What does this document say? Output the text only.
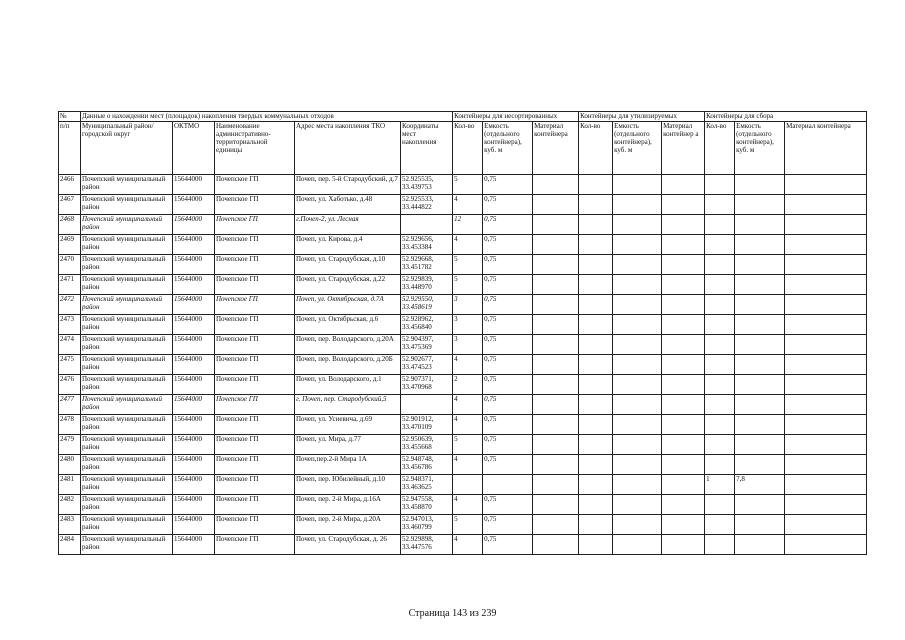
№	Данные о нахождении мест (площадок) накопления твердых коммунальных отходов					Контейнеры для несортированных			Контейнеры для утилизируемых			Контейнеры для сбора		
п/п	Муниципальный район/городской округ	ОКТМО	Наименование административно-территориальной единицы	Адрес места накопления ТКО	Координаты мест накопления	Кол-во	Емкость (отдельного контейнера), куб. м	Материал контейнера	Кол-во	Емкость (отдельного контейнера), куб. м	Материал контейнер а	Кол-во	Емкость (отдельного контейнера), куб. м	Материал контейнера
2466	Почепский муниципальный район	15644000	Почепское ГП	Почеп, пер. 5-й Стародубский, д.7	52.925535, 33.439753	5	0,75							
2467	Почепский муниципальный район	15644000	Почепское ГП	Почеп, ул. Хаботько, д.48	52.925533, 33.444822	4	0,75							
2468	Почепский муниципальный район	15644000	Почепское ГП	г.Почеп-2, ул. Лесная		12	0,75							
2469	Почепский муниципальный район	15644000	Почепское ГП	Почеп, ул. Кирова, д.4	52.929656, 33.453384	4	0,75							
2470	Почепский муниципальный район	15644000	Почепское ГП	Почеп, ул. Стародубская, д.10	52.929668, 33.451782	5	0,75							
2471	Почепский муниципальный район	15644000	Почепское ГП	Почеп, ул. Стародубская, д.22	52.929839, 33.448970	5	0,75							
2472	Почепский муниципальный район	15644000	Почепское ГП	Почеп, ул. Октябрьская, д.7А	52.929550, 33.458619	3	0,75							
2473	Почепский муниципальный район	15644000	Почепское ГП	Почеп, ул. Октябрьская, д.6	52.928962, 33.456840	3	0,75							
2474	Почепский муниципальный район	15644000	Почепское ГП	Почеп, пер. Володарского, д.20А	52.904397, 33.475369	3	0,75							
2475	Почепский муниципальный район	15644000	Почепское ГП	Почеп, пер. Володарского, д.20Б	52.902677, 33.474523	4	0,75							
2476	Почепский муниципальный район	15644000	Почепское ГП	Почеп, ул. Володарского, д.1	52.907371, 33.470968	2	0,75							
2477	Почепский муниципальный район	15644000	Почепское ГП	г. Почеп, пер. Стародубский,5		4	0,75							
2478	Почепский муниципальный район	15644000	Почепское ГП	Почеп, ул. Усиевича, д.69	52.901912, 33.470109	4	0,75							
2479	Почепский муниципальный район	15644000	Почепское ГП	Почеп, ул. Мира, д.77	52.950639, 33.455668	5	0,75							
2480	Почепский муниципальный район	15644000	Почепское ГП	Почеп,пер.2-й Мира 1А	52.948748, 33.456786	4	0,75							
2481	Почепский муниципальный район	15644000	Почепское ГП	Почеп, пер. Юбилейный, д.10	52.948371, 33.463625							1	7,8	
2482	Почепский муниципальный район	15644000	Почепское ГП	Почеп, пер. 2-й Мира, д.16А	52.947558, 33.458870	4	0,75							
2483	Почепский муниципальный район	15644000	Почепское ГП	Почеп, пер. 2-й Мира, д.20А	52.947013, 33.460799	5	0,75							
2484	Почепский муниципальный район	15644000	Почепское ГП	Почеп, ул. Стародубская, д. 26	52.929898, 33.447576	4	0,75							
Страница 143 из 239
